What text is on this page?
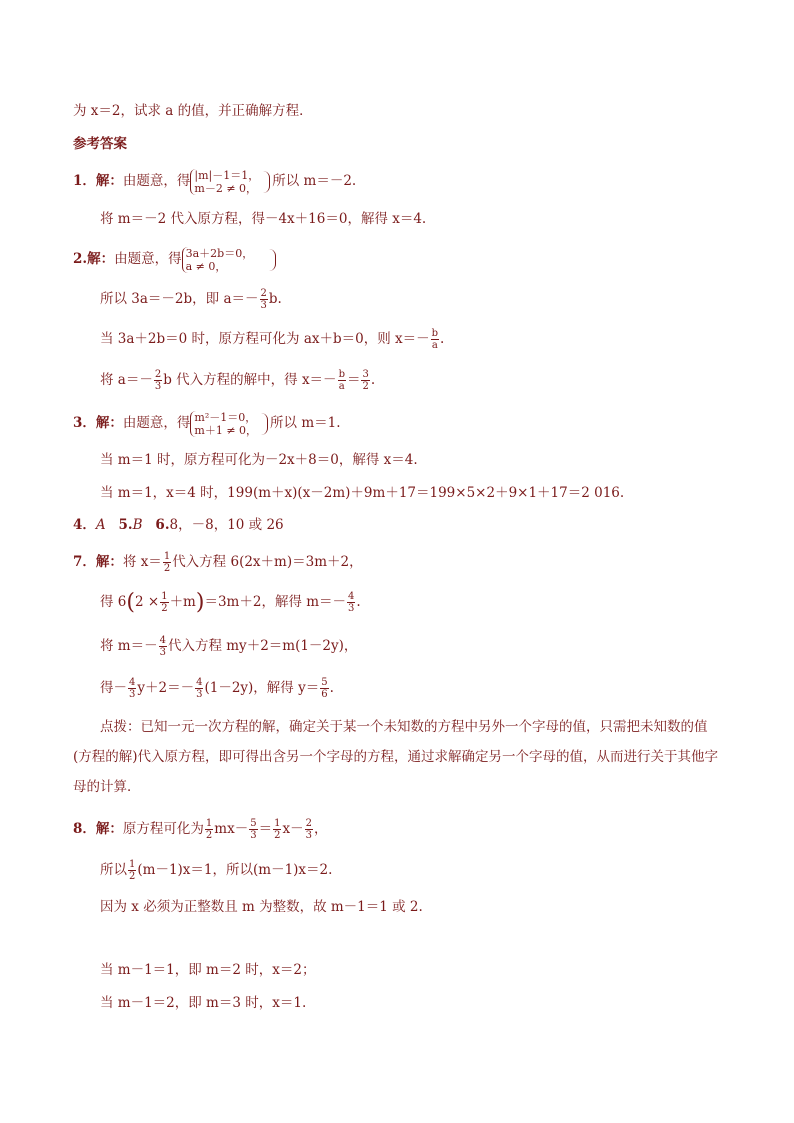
为 x＝2，试求 a 的值，并正确解方程．
参考答案
1．解：由题意，得 |m|－1＝1，
m－2 ≠ 0， 所以 m＝－2.
将 m＝－2 代入原方程，得－4x＋16＝0，解得 x＝4.
2.解：由题意，得 3a＋2b＝0，
a ≠ 0，
所以 3a＝－2b，即 $a=- \frac{2}{3} b$.
当 3a＋2b＝0 时，原方程可化为 ax＋b＝0，则 $x=- \frac{b}{a}$ .
将 $a=- \frac{2}{3}$ b 代入方程的解中，得 $x=- \frac{b}{a} = \frac{3}{2}$ .
3．解：由题意，得 m²－1＝0，
m＋1 ≠ 0， 所以 m＝1.
当 m＝1 时，原方程可化为－2x＋8＝0，解得 x＝4.
当 m＝1，x＝4 时，199(m＋x)(x－2m)＋9m＋17＝199×5×2＋9×1＋17＝2 016.
4．A 5.B 6.8，－8，10 或 26
7．解：将 $x= \frac{1}{2}$ 代入方程 6(2x＋m)＝3m＋2，
得 $6(2 \times \frac{1}{2} +m)=3m+2$，解得 $m=- \frac{4}{3}$ .
将 $m=- \frac{4}{3}$ 代入方程 my＋2＝m(1－2y)，
得－ $\frac{4}{3} y+2=- \frac{4}{3} (1-2y)$，解得 $y= \frac{5}{6}$ .
点拨：已知一元一次方程的解，确定关于某一个未知数的方程中另外一个字母的值，只需把未知数的值(方程的解)代入原方程，即可得出含另一个字母的方程，通过求解确定另一个字母的值，从而进行关于其他字母的计算．
8．解：原方程可化为 $\frac{1}{2} mx- \frac{5}{3} = \frac{1}{2} x- \frac{2}{3}$ ，
所以 $\frac{1}{2} (m-1)x=1$，所以(m－1)x＝2.
因为 x 必须为正整数且 m 为整数，故 m－1＝1 或 2.
当 m－1＝1，即 m＝2 时，x＝2；
当 m－1＝2，即 m＝3 时，x＝1.
